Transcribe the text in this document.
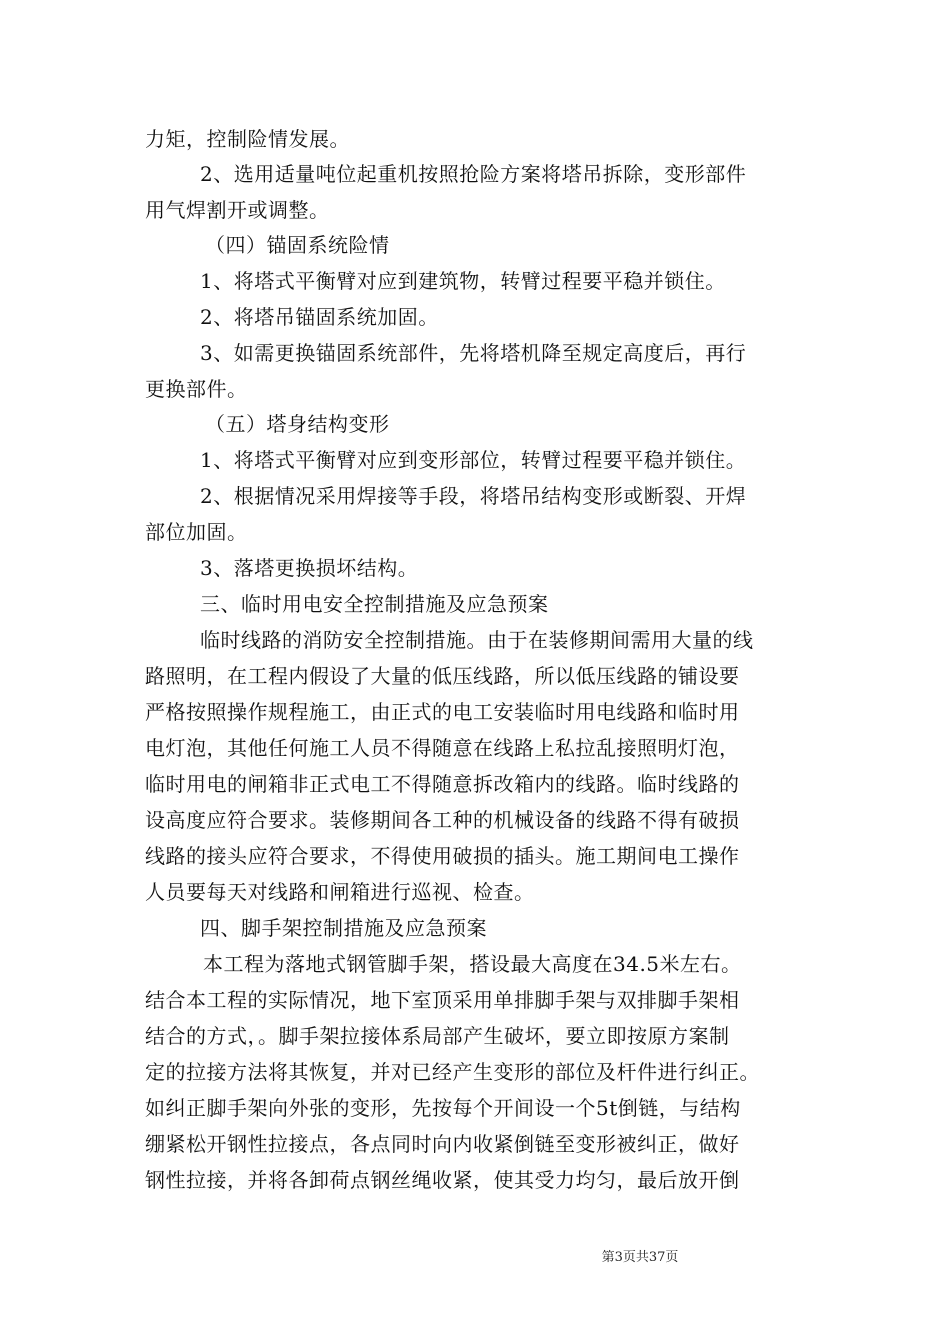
力矩，控制险情发展。
2、选用适量吨位起重机按照抢险方案将塔吊拆除，变形部件
用气焊割开或调整。
（四）锚固系统险情
1、将塔式平衡臂对应到建筑物，转臂过程要平稳并锁住。
2、将塔吊锚固系统加固。
3、如需更换锚固系统部件，先将塔机降至规定高度后，再行
更换部件。
（五）塔身结构变形
1、将塔式平衡臂对应到变形部位，转臂过程要平稳并锁住。
2、根据情况采用焊接等手段，将塔吊结构变形或断裂、开焊
部位加固。
3、落塔更换损坏结构。
三、临时用电安全控制措施及应急预案
临时线路的消防安全控制措施。由于在装修期间需用大量的线
路照明，在工程内假设了大量的低压线路，所以低压线路的铺设要
严格按照操作规程施工，由正式的电工安装临时用电线路和临时用
电灯泡，其他任何施工人员不得随意在线路上私拉乱接照明灯泡，
临时用电的闸箱非正式电工不得随意拆改箱内的线路。临时线路的
设高度应符合要求。装修期间各工种的机械设备的线路不得有破损
线路的接头应符合要求，不得使用破损的插头。施工期间电工操作
人员要每天对线路和闸箱进行巡视、检查。
四、脚手架控制措施及应急预案
本工程为落地式钢管脚手架，搭设最大高度在34.5米左右。
结合本工程的实际情况，地下室顶采用单排脚手架与双排脚手架相
结合的方式，。脚手架拉接体系局部产生破坏，要立即按原方案制
定的拉接方法将其恢复，并对已经产生变形的部位及杆件进行纠正。
如纠正脚手架向外张的变形，先按每个开间设一个5t倒链，与结构
绷紧松开钢性拉接点，各点同时向内收紧倒链至变形被纠正，做好
钢性拉接，并将各卸荷点钢丝绳收紧，使其受力均匀，最后放开倒
第3页共37页
